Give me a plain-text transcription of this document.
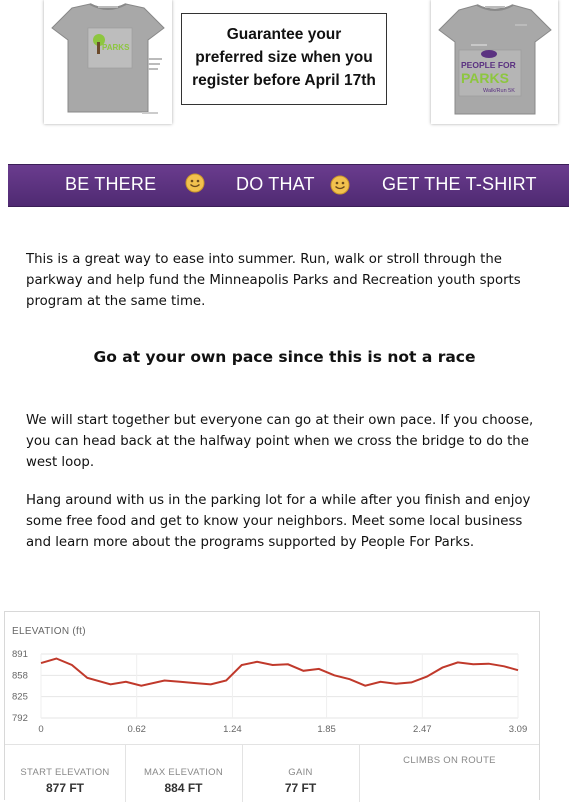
PARKS
PEOPLE FOR
PARKS
Walk/Run 5K
Guarantee your
preferred size when you
register before April 17th
BE THERE	DO THAT	GET THE T-SHIRT

This is a great way to ease into summer. Run, walk or stroll through the parkway and help fund the Minneapolis Parks and Recreation youth sports program at the same time.

Go at your own pace since this is not a race

We will start together but everyone can go at their own pace. If you choose, you can head back at the halfway point when we cross the bridge to do the west loop.

Hang around with us in the parking lot for a while after you finish and enjoy some free food and get to know your neighbors. Meet some local business and learn more about the programs supported by People For Parks.

ELEVATION (ft)
891
858
825
792
0	0.62	1.24	1.85	2.47	3.09
START ELEVATION
877 FT
MAX ELEVATION
884 FT
GAIN
77 FT
CLIMBS ON ROUTE
